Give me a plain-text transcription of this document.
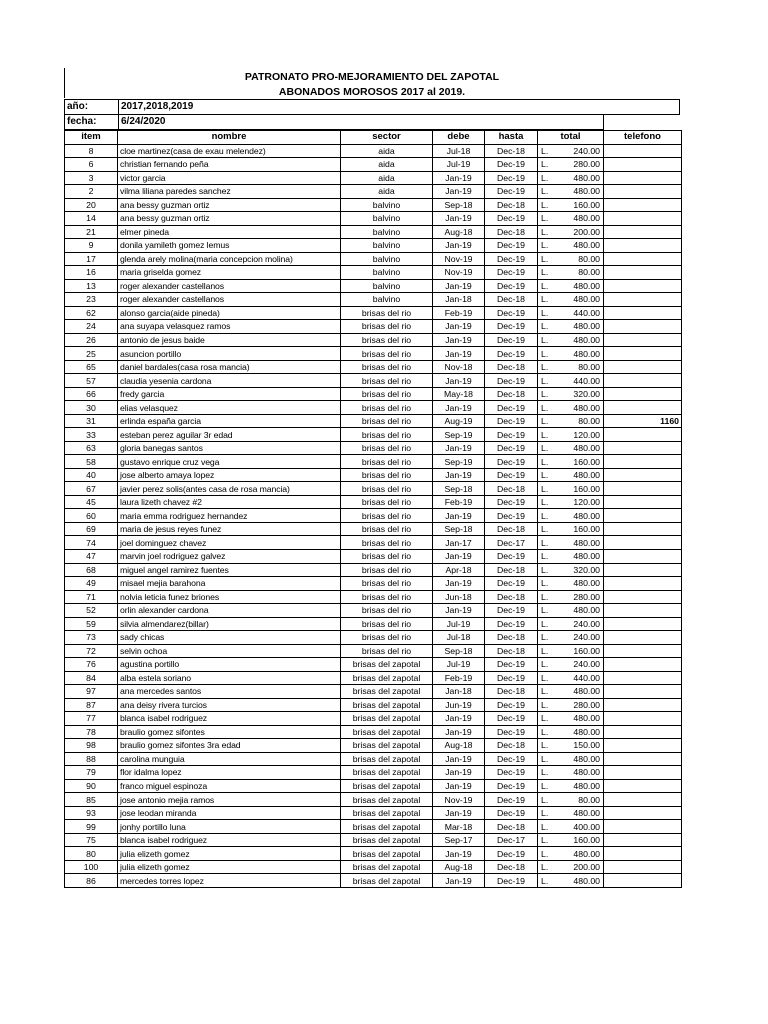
PATRONATO PRO-MEJORAMIENTO DEL ZAPOTAL
ABONADOS MOROSOS 2017 al 2019.
año:	2017,2018,2019
fecha:	6/24/2020
item	nombre	sector	debe	hasta	total	telefono
8	cloe martinez(casa de exau melendez)	aida	Jul-18	Dec-18	L. 240.00	

6	christian fernando peña	aida	Jul-19	Dec-19	L. 280.00	

3	victor garcia	aida	Jan-19	Dec-19	L. 480.00	

2	vilma liliana paredes sanchez	aida	Jan-19	Dec-19	L. 480.00	

20	ana bessy guzman ortiz	balvino	Sep-18	Dec-18	L. 160.00	

14	ana bessy guzman ortiz	balvino	Jan-19	Dec-19	L. 480.00	

21	elmer pineda	balvino	Aug-18	Dec-18	L. 200.00	

9	donila yamileth gomez lemus	balvino	Jan-19	Dec-19	L. 480.00	

17	glenda arely molina(maria concepcion molina)	balvino	Nov-19	Dec-19	L. 80.00	

16	maria griselda gomez	balvino	Nov-19	Dec-19	L. 80.00	

13	roger alexander castellanos	balvino	Jan-19	Dec-19	L. 480.00	

23	roger alexander castellanos	balvino	Jan-18	Dec-18	L. 480.00	

62	alonso garcia(aide pineda)	brisas del rio	Feb-19	Dec-19	L. 440.00	

24	ana suyapa velasquez ramos	brisas del rio	Jan-19	Dec-19	L. 480.00	

26	antonio de jesus baide	brisas del rio	Jan-19	Dec-19	L. 480.00	

25	asuncion portillo	brisas del rio	Jan-19	Dec-19	L. 480.00	

65	daniel bardales(casa rosa mancia)	brisas del rio	Nov-18	Dec-18	L. 80.00	

57	claudia yesenia cardona	brisas del rio	Jan-19	Dec-19	L. 440.00	

66	fredy garcia	brisas del rio	May-18	Dec-18	L. 320.00	

30	elias velasquez	brisas del rio	Jan-19	Dec-19	L. 480.00	

31	erlinda españa garcia	brisas del rio	Aug-19	Dec-19	L. 80.00	1160
33	esteban perez aguilar 3r edad	brisas del rio	Sep-19	Dec-19	L. 120.00	

63	gloria banegas santos	brisas del rio	Jan-19	Dec-19	L. 480.00	

58	gustavo enrique cruz vega	brisas del rio	Sep-19	Dec-19	L. 160.00	

40	jose alberto amaya lopez	brisas del rio	Jan-19	Dec-19	L. 480.00	

67	javier perez solis(antes casa de rosa mancia)	brisas del rio	Sep-18	Dec-18	L. 160.00	

45	laura lizeth chavez #2	brisas del rio	Feb-19	Dec-19	L. 120.00	

60	maria emma rodriguez hernandez	brisas del rio	Jan-19	Dec-19	L. 480.00	

69	maria de jesus reyes funez	brisas del rio	Sep-18	Dec-18	L. 160.00	

74	joel dominguez chavez	brisas del rio	Jan-17	Dec-17	L. 480.00	

47	marvin joel rodriguez galvez	brisas del rio	Jan-19	Dec-19	L. 480.00	

68	miguel angel ramirez fuentes	brisas del rio	Apr-18	Dec-18	L. 320.00	

49	misael mejia barahona	brisas del rio	Jan-19	Dec-19	L. 480.00	

71	nolvia leticia funez briones	brisas del rio	Jun-18	Dec-18	L. 280.00	

52	orlin alexander cardona	brisas del rio	Jan-19	Dec-19	L. 480.00	

59	silvia almendarez(billar)	brisas del rio	Jul-19	Dec-19	L. 240.00	

73	sady chicas	brisas del rio	Jul-18	Dec-18	L. 240.00	

72	selvin ochoa	brisas del rio	Sep-18	Dec-18	L. 160.00	

76	agustina portillo	brisas del zapotal	Jul-19	Dec-19	L. 240.00	

84	alba estela soriano	brisas del zapotal	Feb-19	Dec-19	L. 440.00	

97	ana mercedes santos	brisas del zapotal	Jan-18	Dec-18	L. 480.00	

87	ana deisy rivera turcios	brisas del zapotal	Jun-19	Dec-19	L. 280.00	

77	blanca isabel rodriguez	brisas del zapotal	Jan-19	Dec-19	L. 480.00	

78	braulio gomez sifontes	brisas del zapotal	Jan-19	Dec-19	L. 480.00	

98	braulio gomez sifontes 3ra edad	brisas del zapotal	Aug-18	Dec-18	L. 150.00	

88	carolina munguia	brisas del zapotal	Jan-19	Dec-19	L. 480.00	

79	flor idalma lopez	brisas del zapotal	Jan-19	Dec-19	L. 480.00	

90	franco miguel espinoza	brisas del zapotal	Jan-19	Dec-19	L. 480.00	

85	jose antonio mejia ramos	brisas del zapotal	Nov-19	Dec-19	L. 80.00	

93	jose leodan miranda	brisas del zapotal	Jan-19	Dec-19	L. 480.00	

99	jonhy portillo luna	brisas del zapotal	Mar-18	Dec-18	L. 400.00	

75	blanca isabel rodriguez	brisas del zapotal	Sep-17	Dec-17	L. 160.00	

80	julia elizeth gomez	brisas del zapotal	Jan-19	Dec-19	L. 480.00	

100	julia elizeth gomez	brisas del zapotal	Aug-18	Dec-18	L. 200.00	

86	mercedes torres lopez	brisas del zapotal	Jan-19	Dec-19	L. 480.00	
